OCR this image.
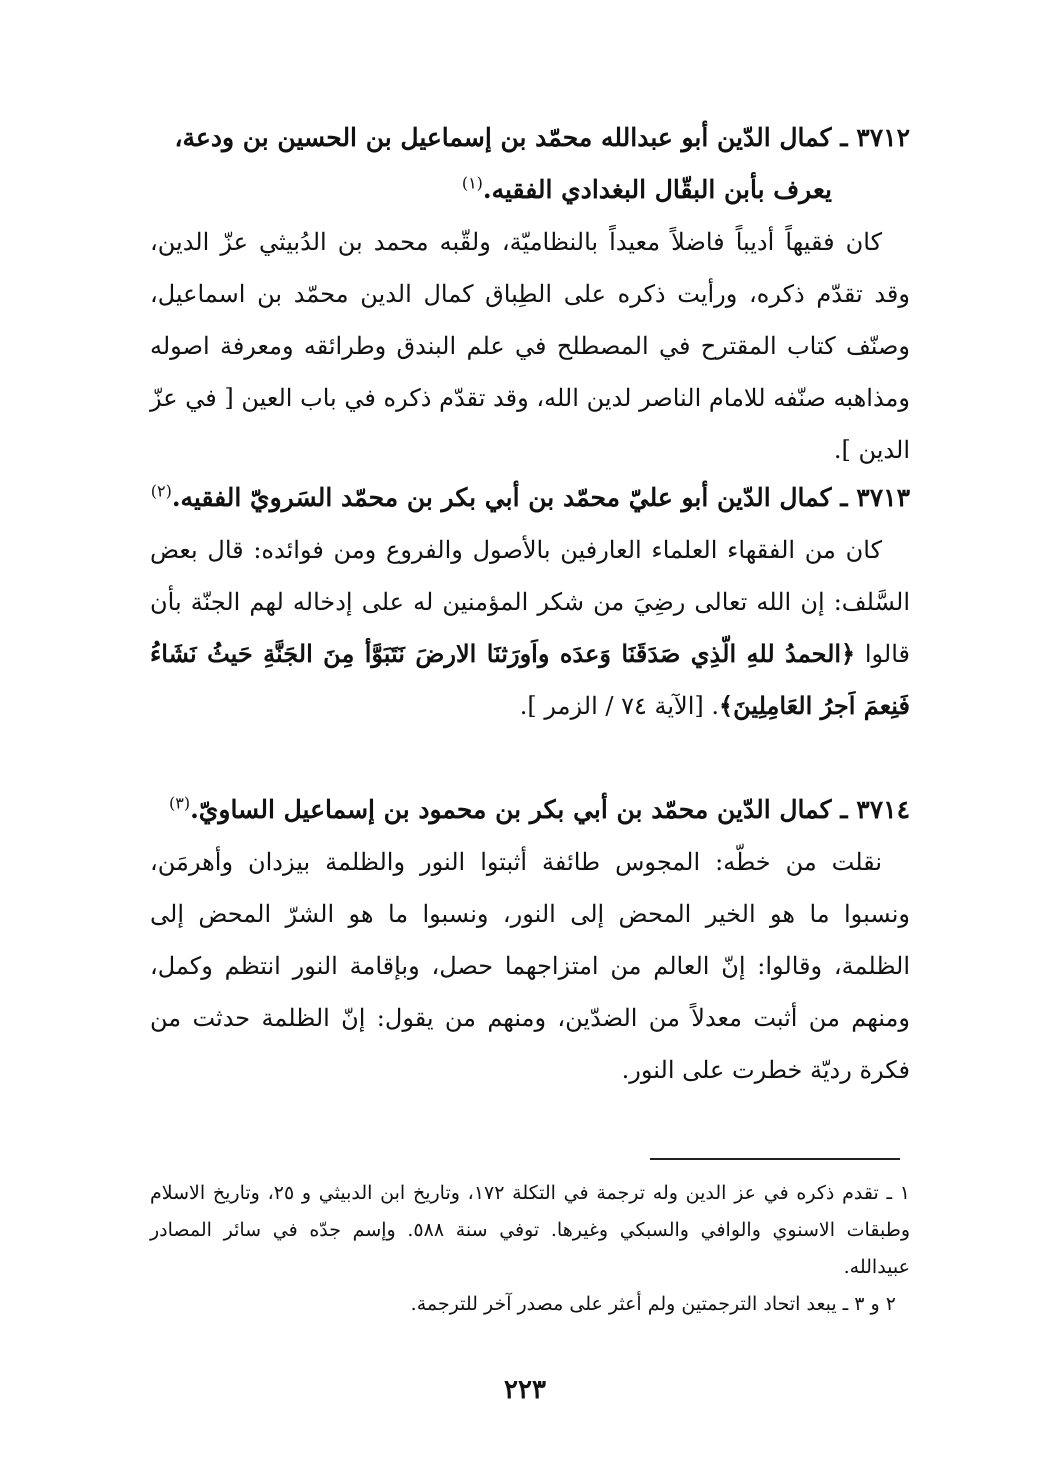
٣٧١٢ ـ كمال الدّين أبو عبدالله محمّد بن إسماعيل بن الحسين بن ودعة،
يعرف بأبن البقّال البغدادي الفقيه.$^{(١)}$

كان فقيهاً أديباً فاضلاً معيداً بالنظاميّة، ولقّبه محمد بن الدُبيثي عزّ الدين، وقد تقدّم ذكره، ورأيت ذكره على الطِباق كمال الدين محمّد بن اسماعيل، وصنّف كتاب المقترح في المصطلح في علم البندق وطرائقه ومعرفة اصوله ومذاهبه صنّفه للامام الناصر لدين الله، وقد تقدّم ذكره في باب العين [ في عزّ الدين ].

٣٧١٣ ـ كمال الدّين أبو عليّ محمّد بن أبي بكر بن محمّد السَرويّ الفقيه.$^{(٢)}$

كان من الفقهاء العلماء العارفين بالأصول والفروع ومن فوائده: قال بعض السَّلف: إن الله تعالى رضِيَ من شكر المؤمنين له على إدخاله لهم الجنّة بأن قالوا ﴿الحمدُ للهِ الّذِي صَدَقَنَا وَعدَه واَورَثنَا الارضَ نَتَبَوَّأ مِنَ الجَنَّةِ حَيثُ نَشَاءُ فَنِعمَ اَجرُ العَامِلِينَ﴾. [الآية ٧٤ / الزمر ].

٣٧١٤ ـ كمال الدّين محمّد بن أبي بكر بن محمود بن إسماعيل الساويّ.$^{(٣)}$

نقلت من خطّه: المجوس طائفة أثبتوا النور والظلمة بيزدان وأهرمَن، ونسبوا ما هو الخير المحض إلى النور، ونسبوا ما هو الشرّ المحض إلى الظلمة، وقالوا: إنّ العالم من امتزاجهما حصل، وبإقامة النور انتظم وكمل، ومنهم من أثبت معدلاً من الضدّين، ومنهم من يقول: إنّ الظلمة حدثت من فكرة رديّة خطرت على النور.

١ ـ تقدم ذكره في عز الدين وله ترجمة في التكلة ١٧٢، وتاريخ ابن الدبيثي و ٢٥، وتاريخ الاسلام وطبقات الاسنوي والوافي والسبكي وغيرها. توفي سنة ٥٨٨. وإسم جدّه في سائر المصادر عبيدالله.

٢ و ٣ ـ يبعد اتحاد الترجمتين ولم أعثر على مصدر آخر للترجمة.

٢٢٣
